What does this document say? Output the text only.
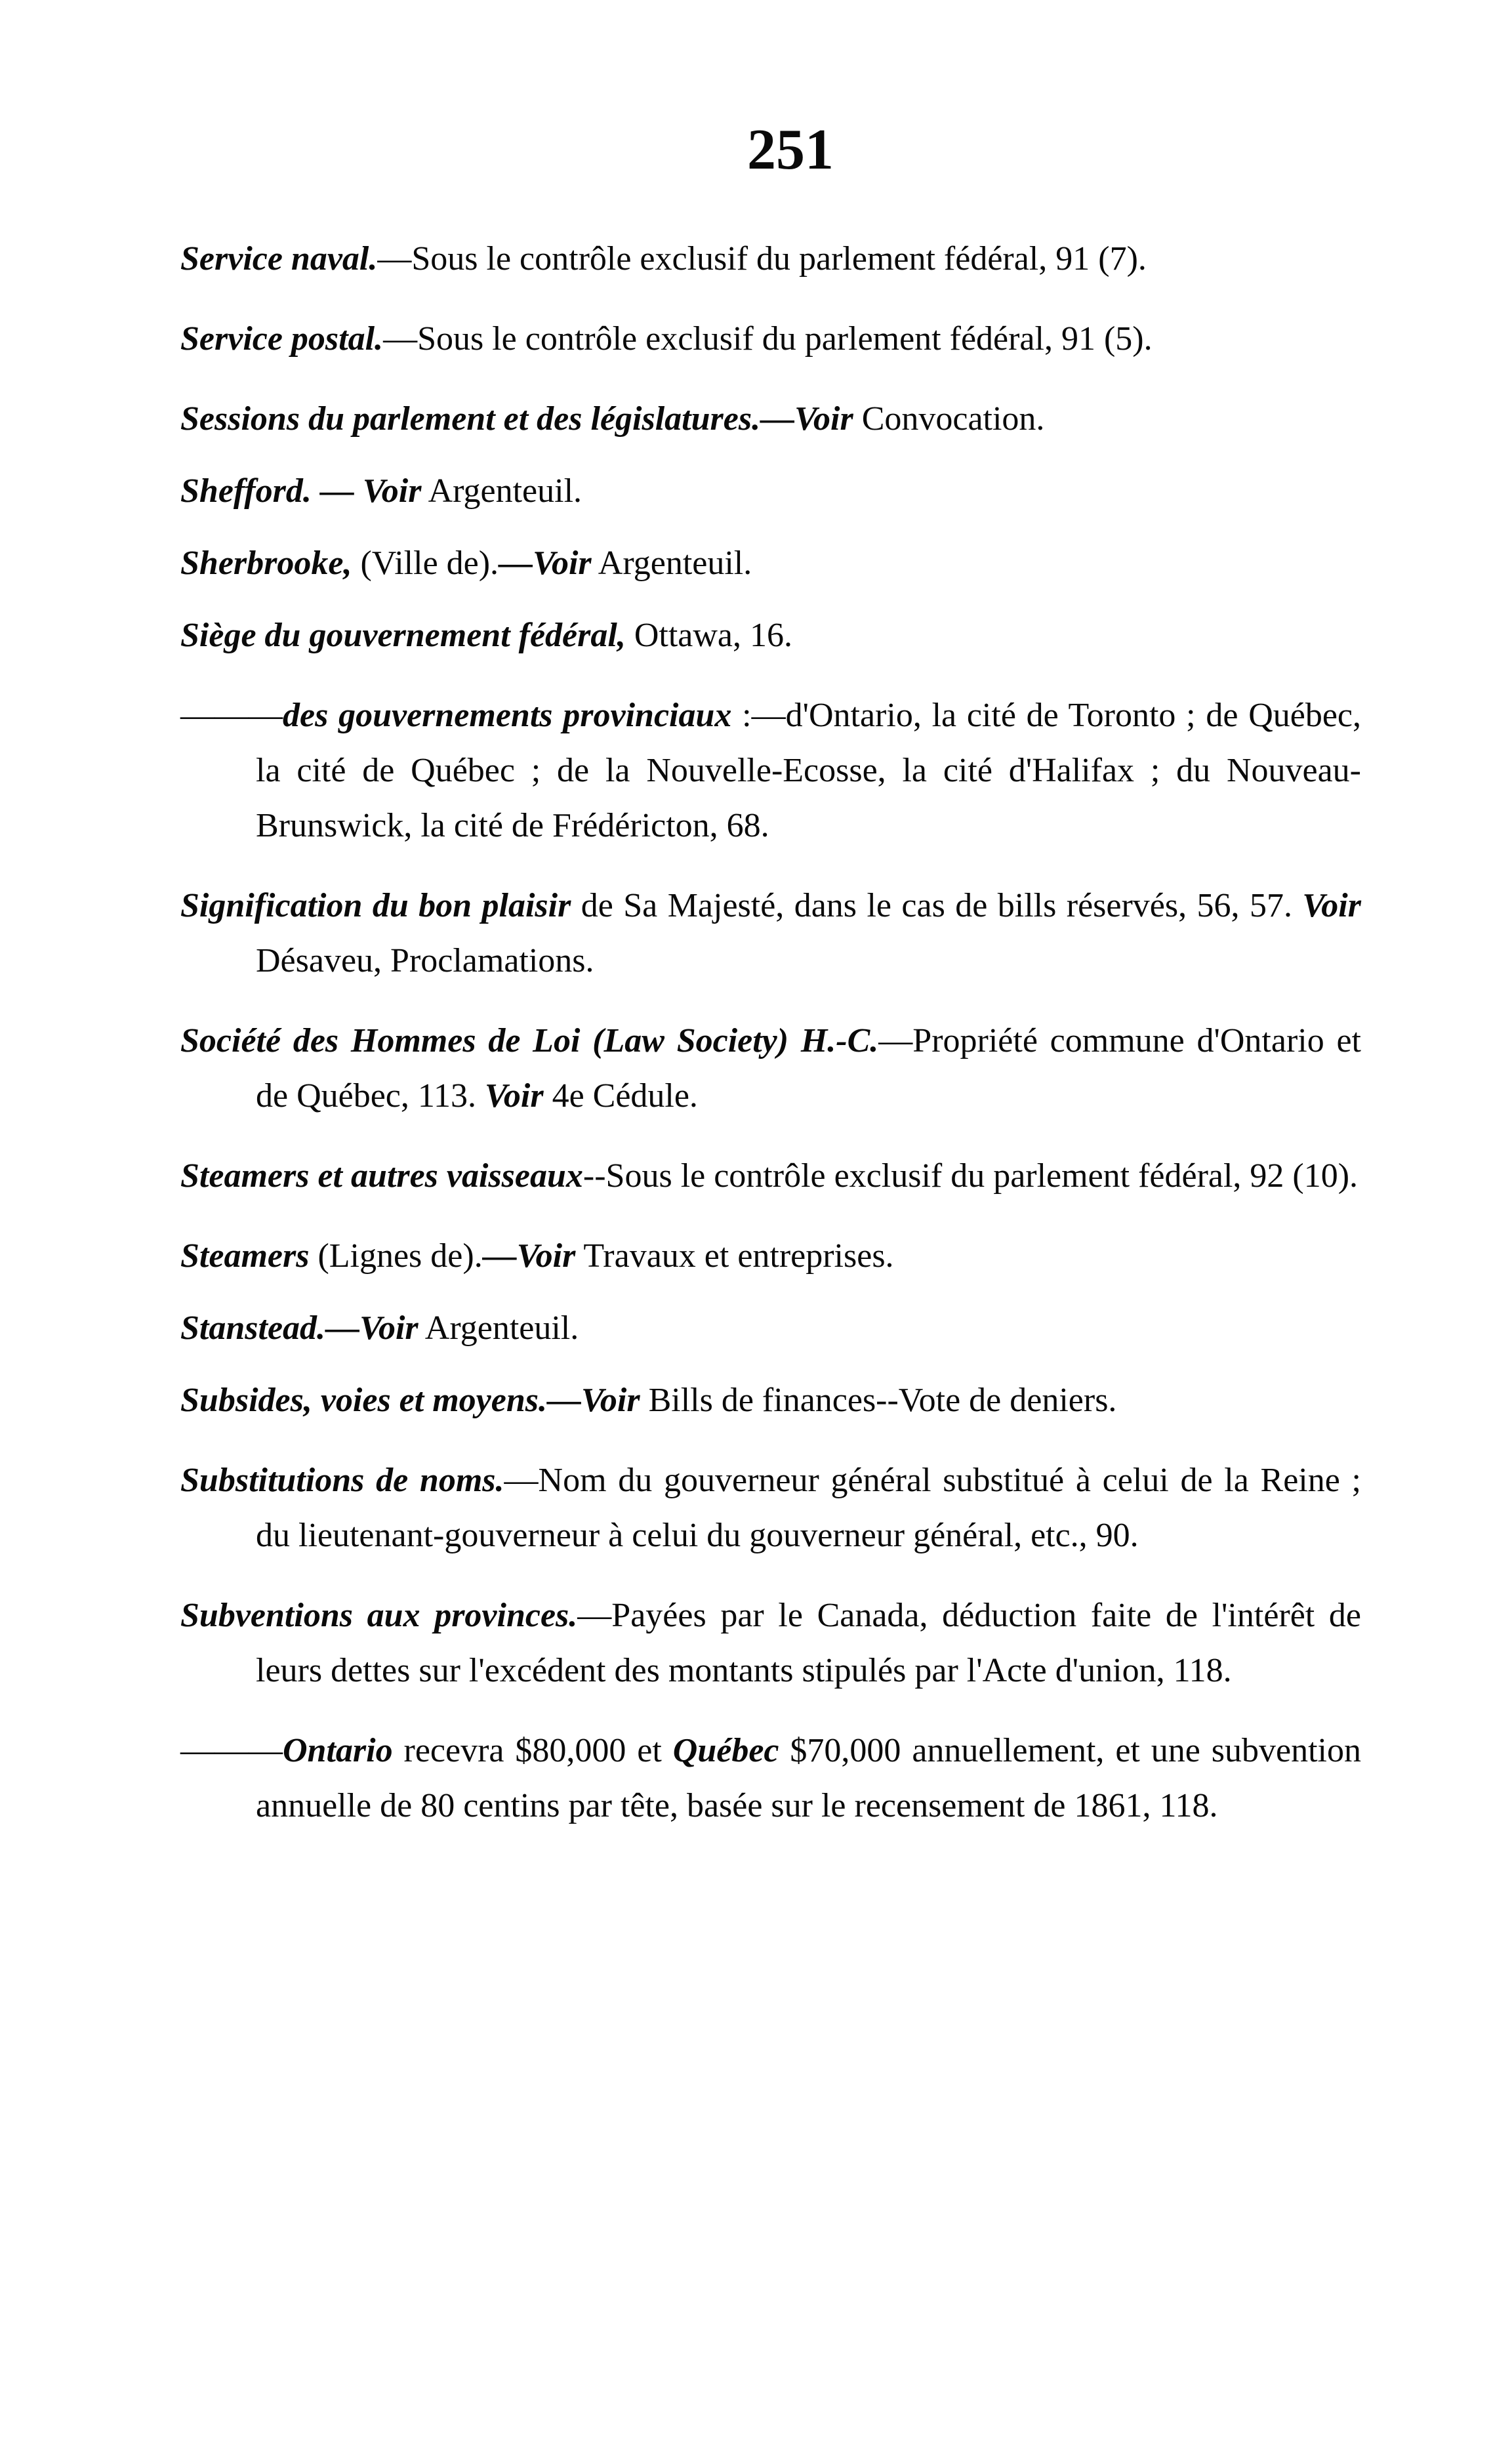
251

Service naval.—Sous le contrôle exclusif du parlement fédéral, 91 (7).

Service postal.—Sous le contrôle exclusif du parlement fédéral, 91 (5).

Sessions du parlement et des législatures.—Voir Convocation.

Shefford. — Voir Argenteuil.

Sherbrooke, (Ville de).—Voir Argenteuil.

Siège du gouvernement fédéral, Ottawa, 16.

———des gouvernements provinciaux :—d'Ontario, la cité de Toronto ; de Québec, la cité de Québec ; de la Nouvelle-Ecosse, la cité d'Halifax ; du Nouveau-Brunswick, la cité de Frédéricton, 68.

Signification du bon plaisir de Sa Majesté, dans le cas de bills réservés, 56, 57. Voir Désaveu, Proclamations.

Société des Hommes de Loi (Law Society) H.-C.—Propriété commune d'Ontario et de Québec, 113. Voir 4e Cédule.

Steamers et autres vaisseaux--Sous le contrôle exclusif du parlement fédéral, 92 (10).

Steamers (Lignes de).—Voir Travaux et entreprises.

Stanstead.—Voir Argenteuil.

Subsides, voies et moyens.—Voir Bills de finances--Vote de deniers.

Substitutions de noms.—Nom du gouverneur général substitué à celui de la Reine ; du lieutenant-gouverneur à celui du gouverneur général, etc., 90.

Subventions aux provinces.—Payées par le Canada, déduction faite de l'intérêt de leurs dettes sur l'excédent des montants stipulés par l'Acte d'union, 118.

———Ontario recevra $80,000 et Québec $70,000 annuellement, et une subvention annuelle de 80 centins par tête, basée sur le recensement de 1861, 118.
